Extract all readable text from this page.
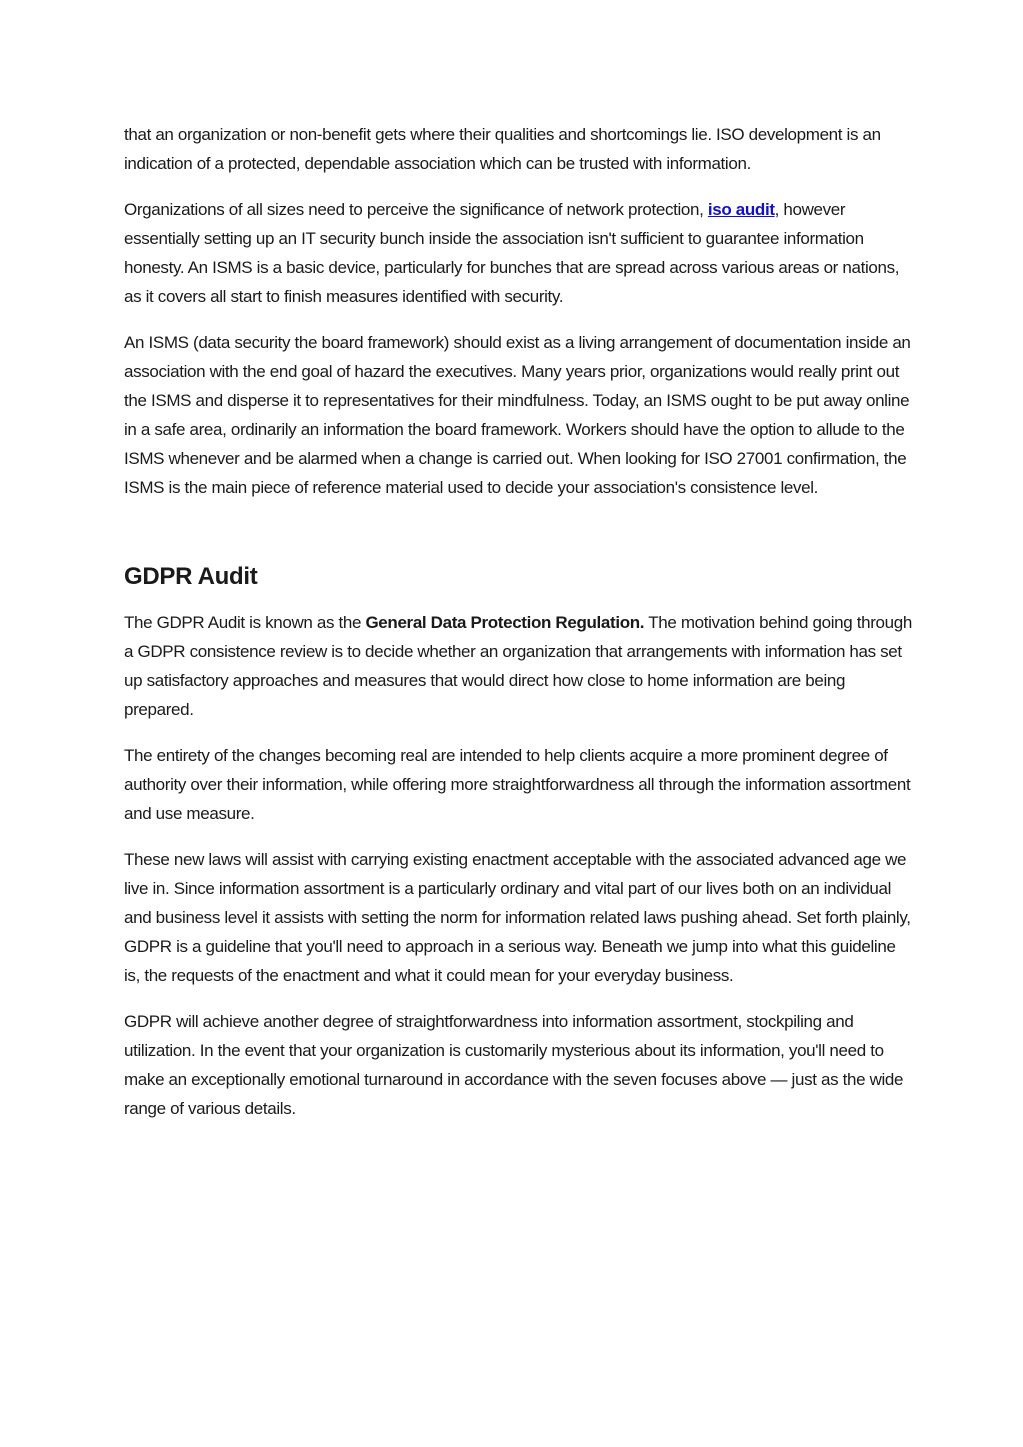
that an organization or non-benefit gets where their qualities and shortcomings lie. ISO development is an indication of a protected, dependable association which can be trusted with information.

Organizations of all sizes need to perceive the significance of network protection, iso audit, however essentially setting up an IT security bunch inside the association isn't sufficient to guarantee information honesty. An ISMS is a basic device, particularly for bunches that are spread across various areas or nations, as it covers all start to finish measures identified with security.

An ISMS (data security the board framework) should exist as a living arrangement of documentation inside an association with the end goal of hazard the executives. Many years prior, organizations would really print out the ISMS and disperse it to representatives for their mindfulness. Today, an ISMS ought to be put away online in a safe area, ordinarily an information the board framework. Workers should have the option to allude to the ISMS whenever and be alarmed when a change is carried out. When looking for ISO 27001 confirmation, the ISMS is the main piece of reference material used to decide your association's consistence level.

GDPR Audit

The GDPR Audit is known as the General Data Protection Regulation. The motivation behind going through a GDPR consistence review is to decide whether an organization that arrangements with information has set up satisfactory approaches and measures that would direct how close to home information are being prepared.

The entirety of the changes becoming real are intended to help clients acquire a more prominent degree of authority over their information, while offering more straightforwardness all through the information assortment and use measure.

These new laws will assist with carrying existing enactment acceptable with the associated advanced age we live in. Since information assortment is a particularly ordinary and vital part of our lives both on an individual and business level it assists with setting the norm for information related laws pushing ahead. Set forth plainly, GDPR is a guideline that you'll need to approach in a serious way. Beneath we jump into what this guideline is, the requests of the enactment and what it could mean for your everyday business.

GDPR will achieve another degree of straightforwardness into information assortment, stockpiling and utilization. In the event that your organization is customarily mysterious about its information, you'll need to make an exceptionally emotional turnaround in accordance with the seven focuses above — just as the wide range of various details.
